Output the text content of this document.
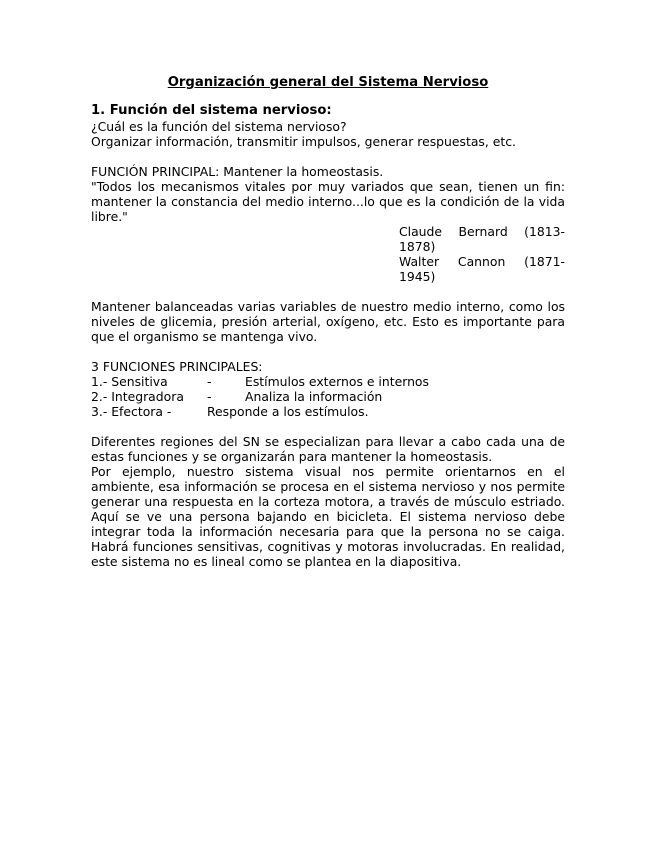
Organización general del Sistema Nervioso
1. Función del sistema nervioso:

¿Cuál es la función del sistema nervioso?

Organizar información, transmitir impulsos, generar respuestas, etc.

FUNCIÓN PRINCIPAL: Mantener la homeostasis.

"Todos los mecanismos vitales por muy variados que sean, tienen un fin: mantener la constancia del medio interno...lo que es la condición de la vida libre."

Claude Bernard (1813-1878)

Walter Cannon (1871-1945)

Mantener balanceadas varias variables de nuestro medio interno, como los niveles de glicemia, presión arterial, oxígeno, etc. Esto es importante para que el organismo se mantenga vivo.

3 FUNCIONES PRINCIPALES:

1.- Sensitiva	-	Estímulos externos e internos
2.- Integradora	-	Analiza la información
3.- Efectora -	Responde a los estímulos.

Diferentes regiones del SN se especializan para llevar a cabo cada una de estas funciones y se organizarán para mantener la homeostasis.

Por ejemplo, nuestro sistema visual nos permite orientarnos en el ambiente, esa información se procesa en el sistema nervioso y nos permite generar una respuesta en la corteza motora, a través de músculo estriado. Aquí se ve una persona bajando en bicicleta. El sistema nervioso debe integrar toda la información necesaria para que la persona no se caiga. Habrá funciones sensitivas, cognitivas y motoras involucradas. En realidad, este sistema no es lineal como se plantea en la diapositiva.
